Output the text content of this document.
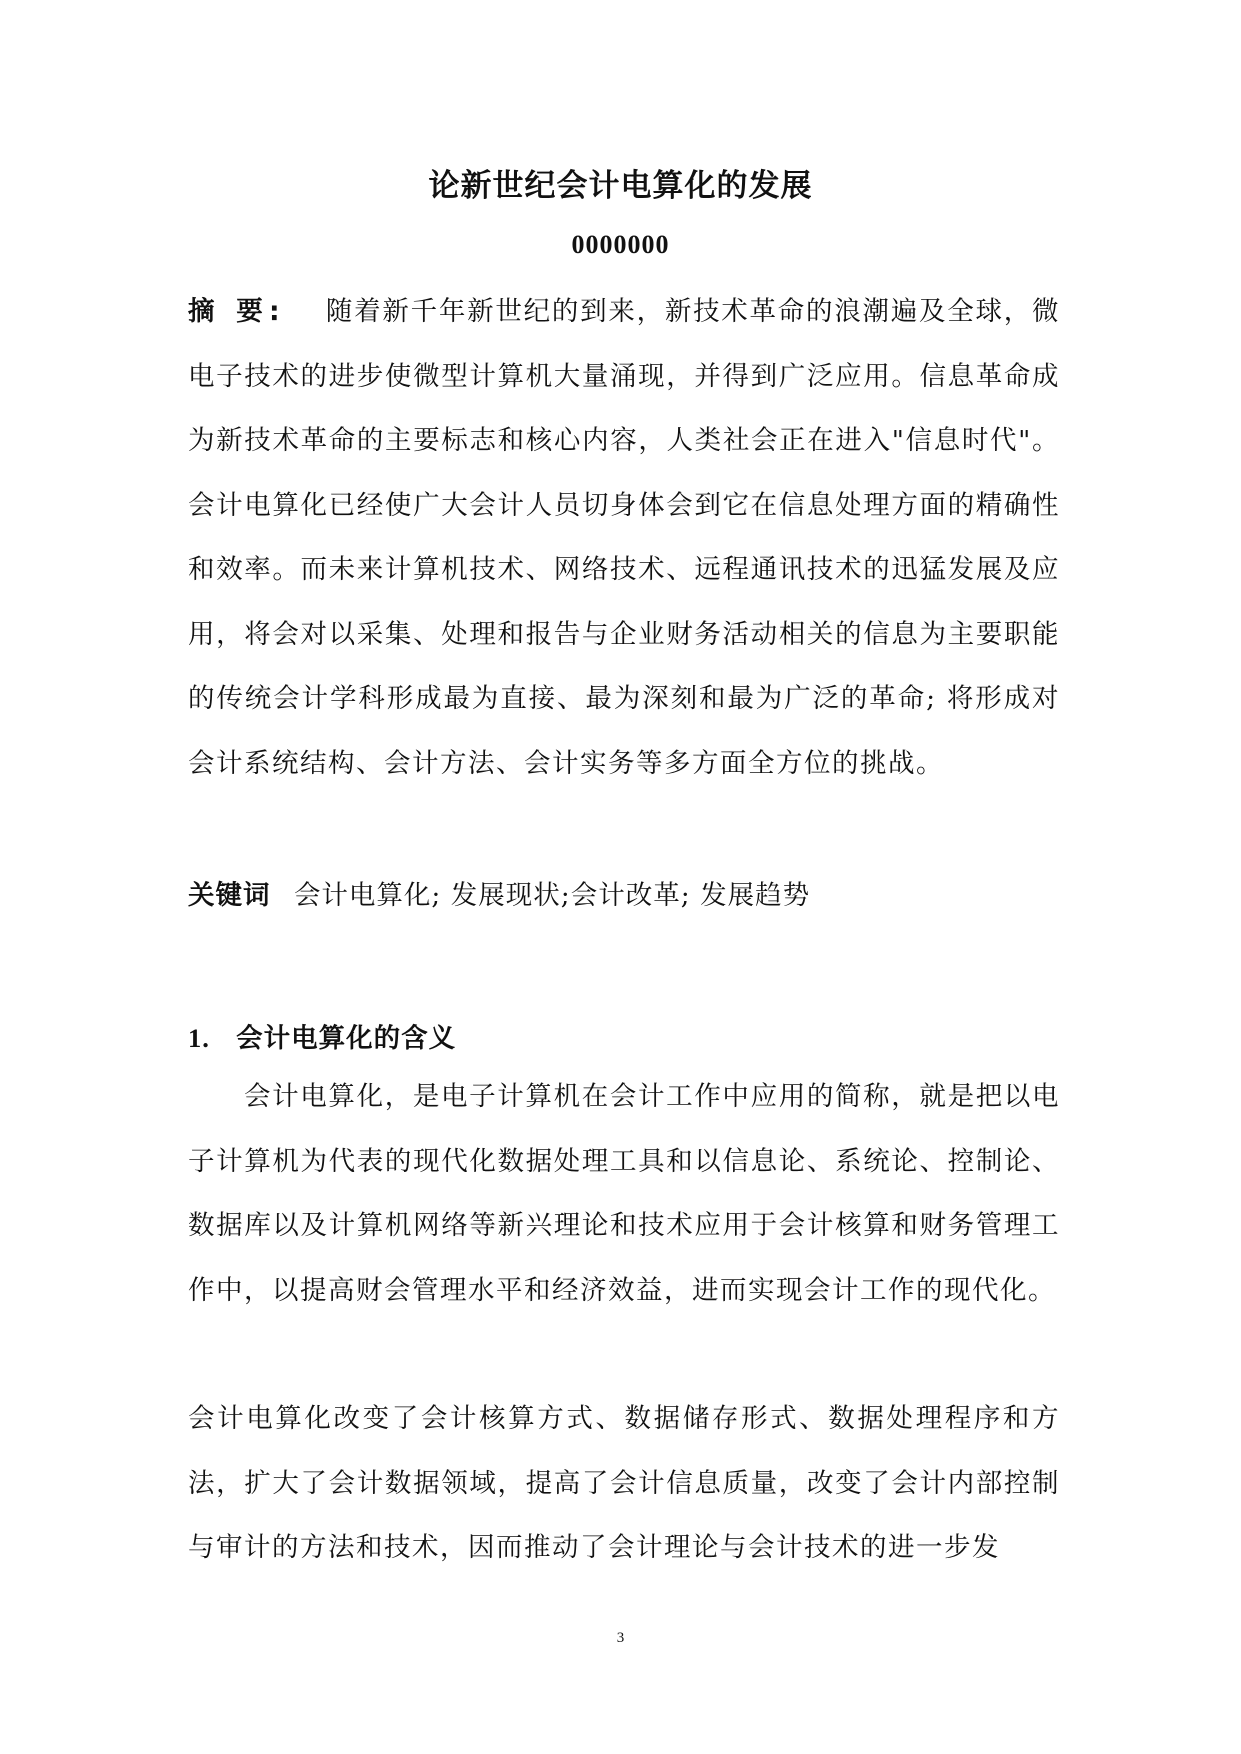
论新世纪会计电算化的发展
0000000

摘 要: 随着新千年新世纪的到来，新技术革命的浪潮遍及全球，微电子技术的进步使微型计算机大量涌现，并得到广泛应用。信息革命成为新技术革命的主要标志和核心内容，人类社会正在进入"信息时代"。会计电算化已经使广大会计人员切身体会到它在信息处理方面的精确性和效率。而未来计算机技术、网络技术、远程通讯技术的迅猛发展及应用，将会对以采集、处理和报告与企业财务活动相关的信息为主要职能的传统会计学科形成最为直接、最为深刻和最为广泛的革命; 将形成对会计系统结构、会计方法、会计实务等多方面全方位的挑战。

关键词 会计电算化; 发展现状;会计改革; 发展趋势
1. 会计电算化的含义

会计电算化，是电子计算机在会计工作中应用的简称，就是把以电子计算机为代表的现代化数据处理工具和以信息论、系统论、控制论、数据库以及计算机网络等新兴理论和技术应用于会计核算和财务管理工作中，以提高财会管理水平和经济效益，进而实现会计工作的现代化。

会计电算化改变了会计核算方式、数据储存形式、数据处理程序和方法，扩大了会计数据领域，提高了会计信息质量，改变了会计内部控制与审计的方法和技术，因而推动了会计理论与会计技术的进一步发

3
